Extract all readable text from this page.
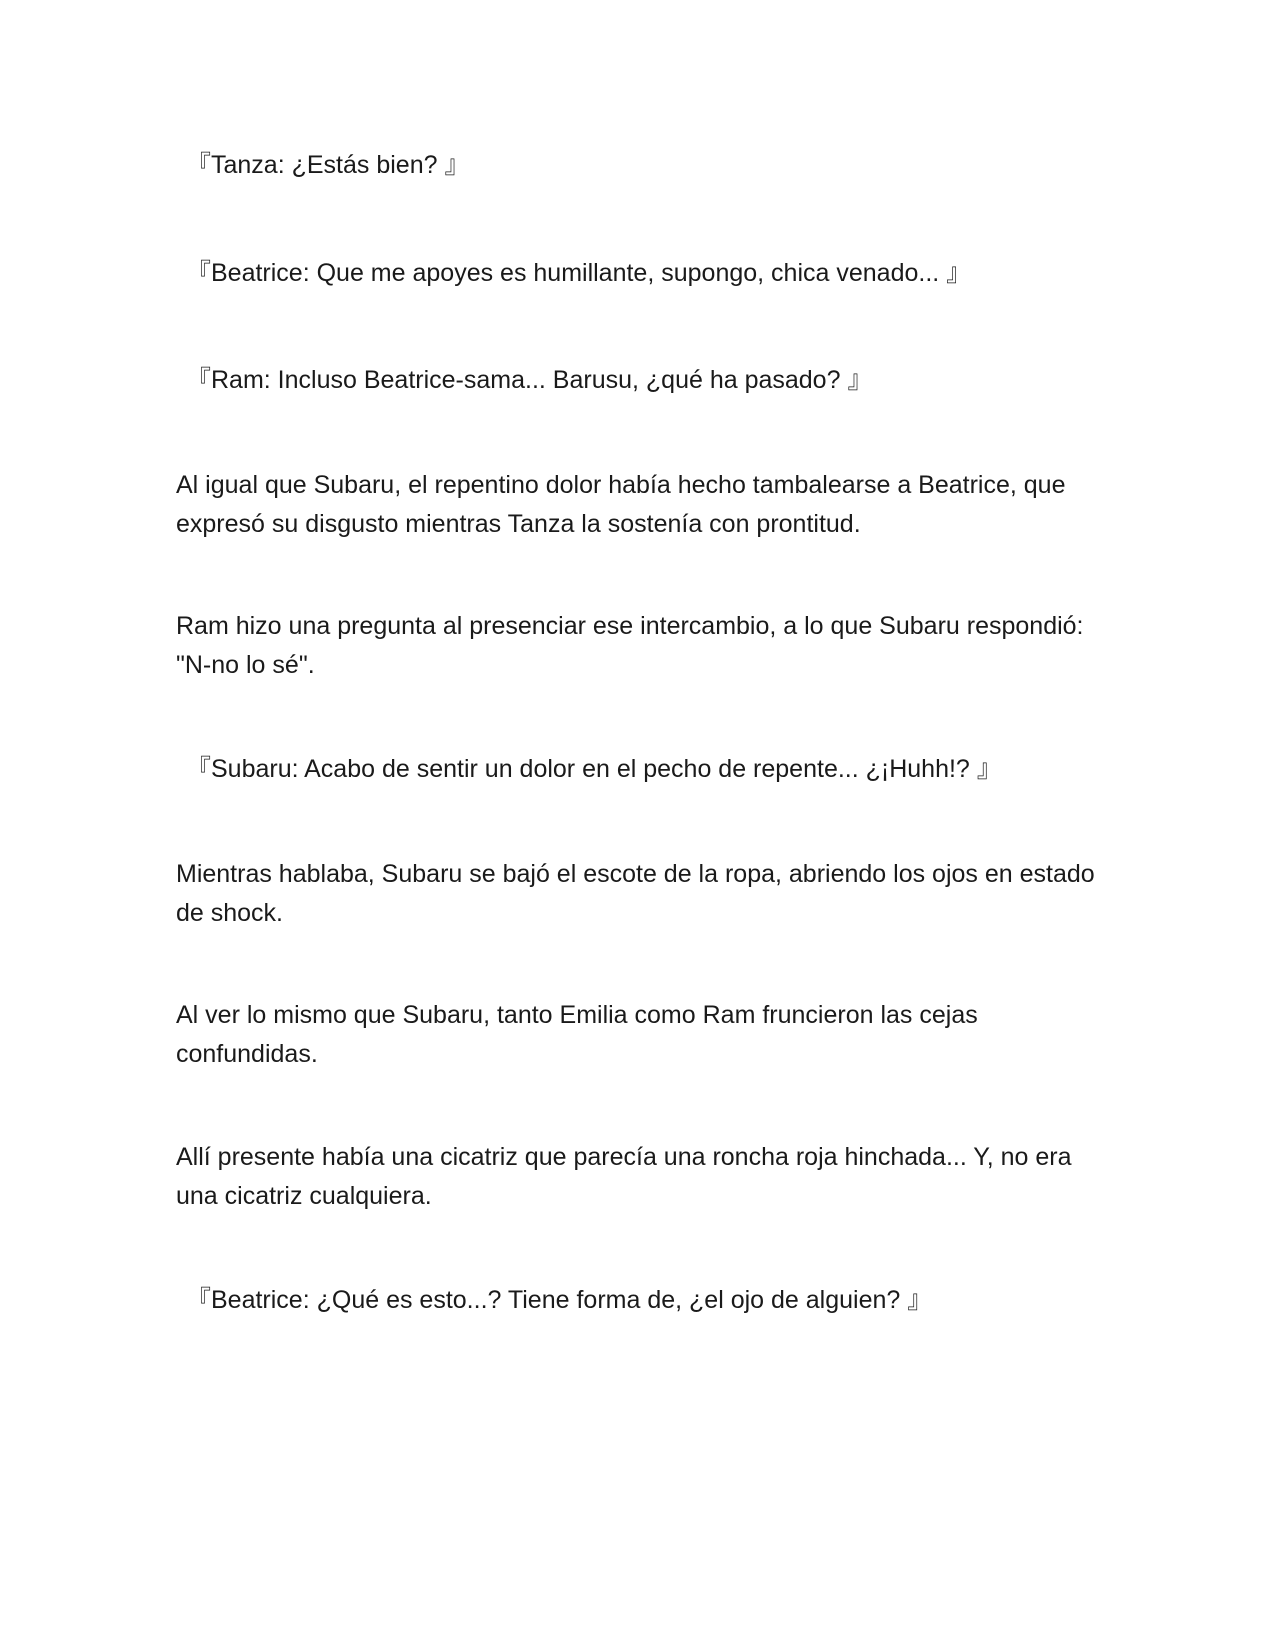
『Tanza: ¿Estás bien? 』

『Beatrice: Que me apoyes es humillante, supongo, chica venado... 』

『Ram: Incluso Beatrice-sama... Barusu, ¿qué ha pasado? 』

Al igual que Subaru, el repentino dolor había hecho tambalearse a Beatrice, que expresó su disgusto mientras Tanza la sostenía con prontitud.

Ram hizo una pregunta al presenciar ese intercambio, a lo que Subaru respondió: "N-no lo sé".

『Subaru: Acabo de sentir un dolor en el pecho de repente... ¿¡Huhh!? 』

Mientras hablaba, Subaru se bajó el escote de la ropa, abriendo los ojos en estado de shock.

Al ver lo mismo que Subaru, tanto Emilia como Ram fruncieron las cejas confundidas.

Allí presente había una cicatriz que parecía una roncha roja hinchada... Y, no era una cicatriz cualquiera.

『Beatrice: ¿Qué es esto...? Tiene forma de, ¿el ojo de alguien? 』
